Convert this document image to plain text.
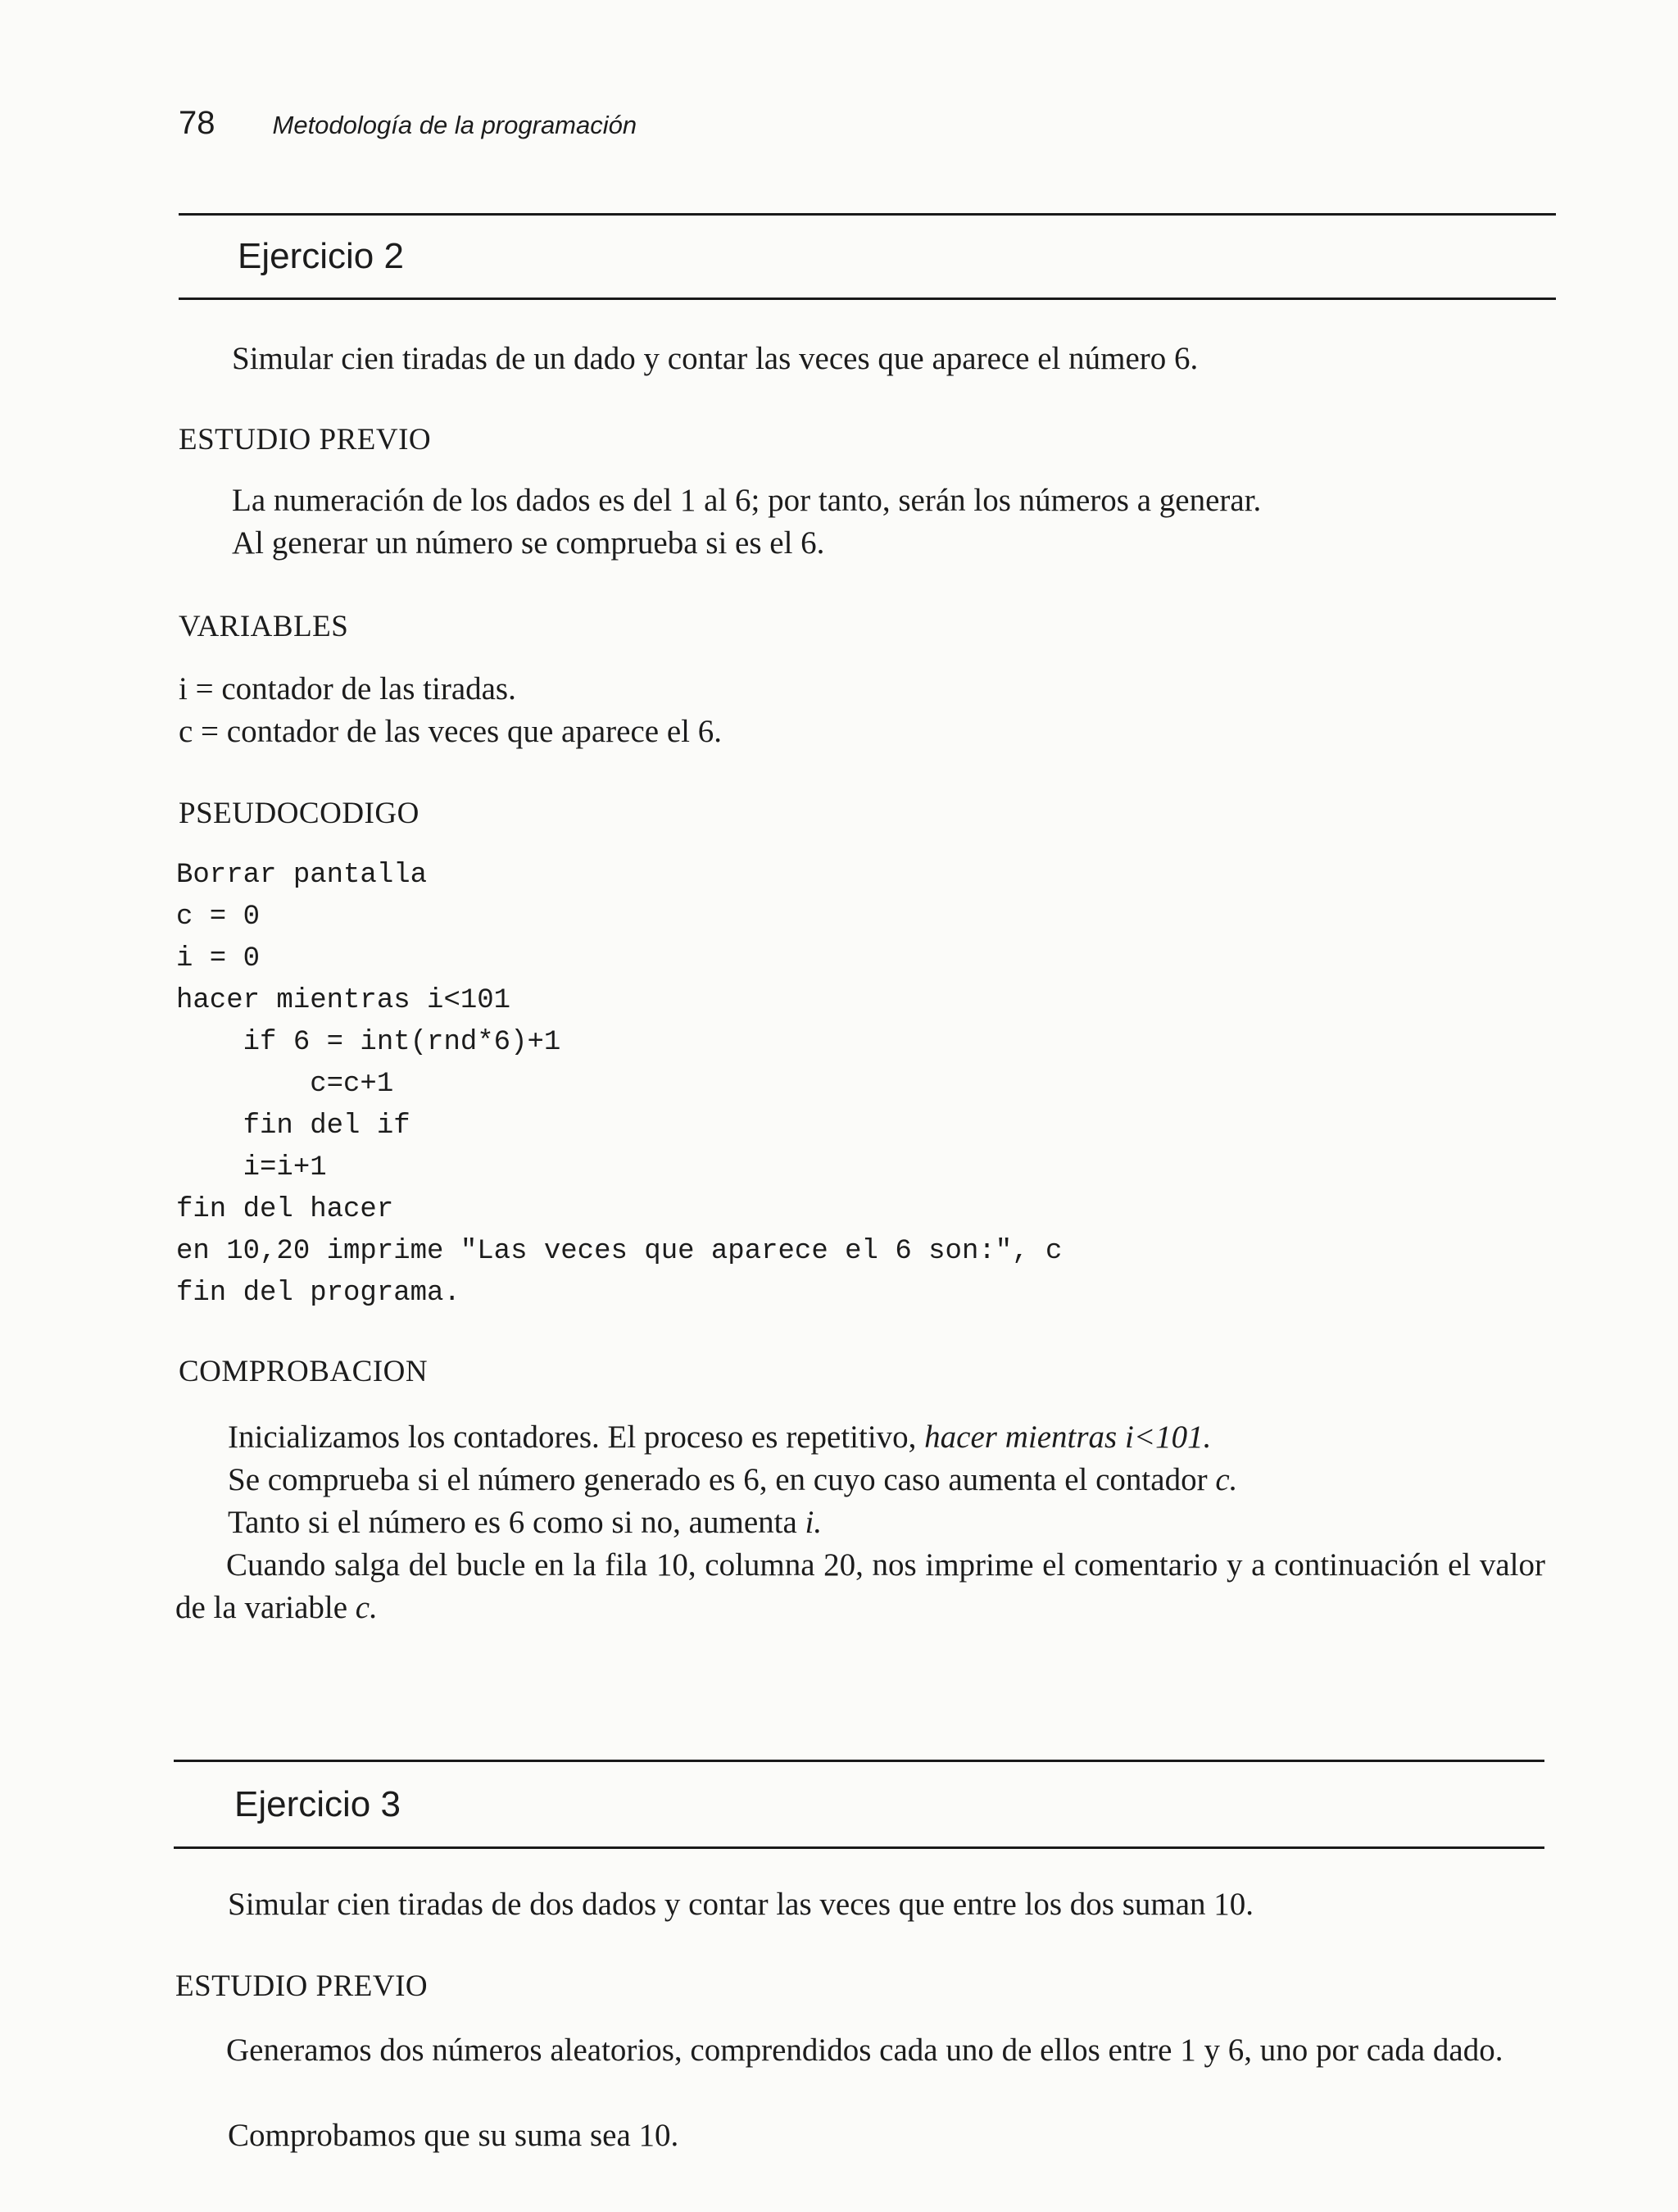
78 Metodología de la programación
Ejercicio 2

Simular cien tiradas de un dado y contar las veces que aparece el número 6.

ESTUDIO PREVIO

La numeración de los dados es del 1 al 6; por tanto, serán los números a generar.

Al generar un número se comprueba si es el 6.

VARIABLES

i = contador de las tiradas.

c = contador de las veces que aparece el 6.

PSEUDOCODIGO
Borrar pantalla
c = 0
i = 0
hacer mientras i<101
if 6 = int(rnd*6)+1
c=c+1
fin del if
i=i+1
fin del hacer
en 10,20 imprime "Las veces que aparece el 6 son:", c
fin del programa.
COMPROBACION

Inicializamos los contadores. El proceso es repetitivo, hacer mientras i<101.

Se comprueba si el número generado es 6, en cuyo caso aumenta el contador c.

Tanto si el número es 6 como si no, aumenta i.

Cuando salga del bucle en la fila 10, columna 20, nos imprime el comentario y a continuación el valor de la variable c.

Ejercicio 3

Simular cien tiradas de dos dados y contar las veces que entre los dos suman 10.

ESTUDIO PREVIO

Generamos dos números aleatorios, comprendidos cada uno de ellos entre 1 y 6, uno por cada dado.

Comprobamos que su suma sea 10.
